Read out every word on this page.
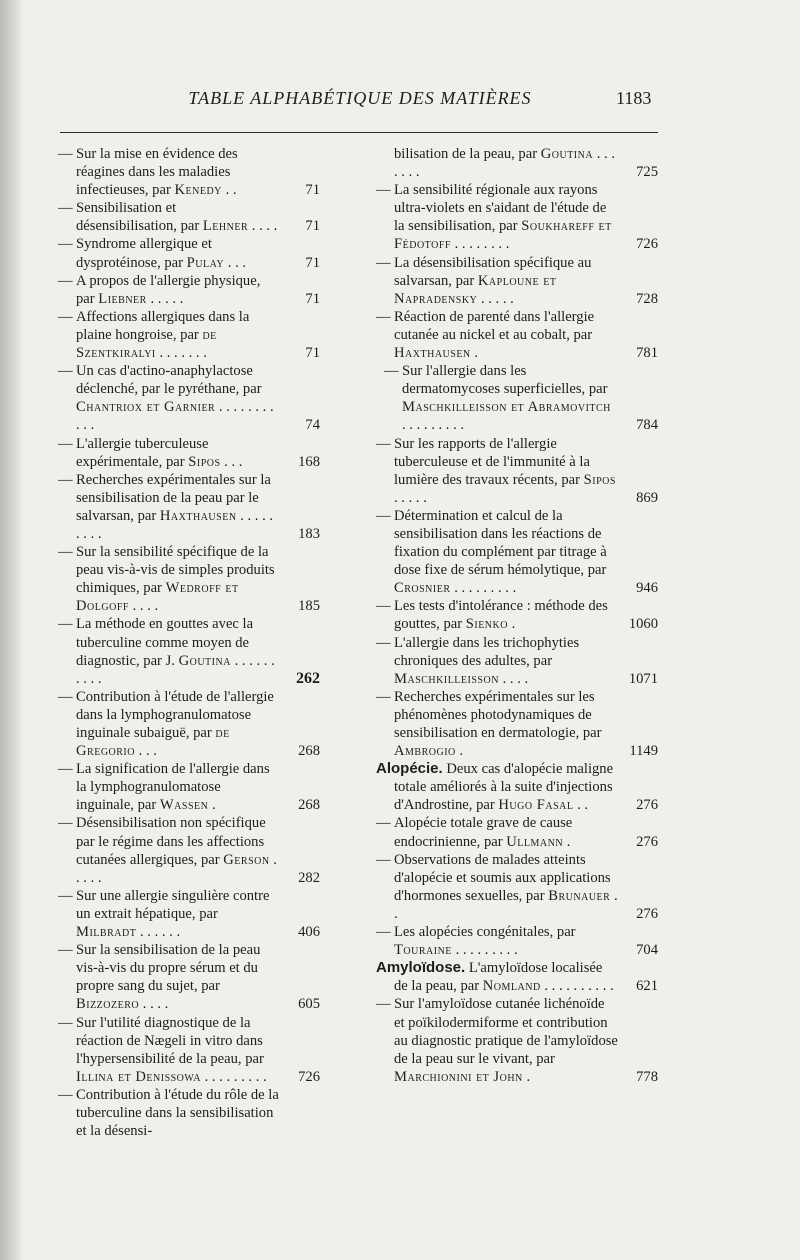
TABLE ALPHABÉTIQUE DES MATIÈRES	1183

— Sur la mise en évidence des réagines dans les maladies infectieuses, par Kenedy . .	71

— Sensibilisation et désensibilisation, par Lehner . . . . 71

— Syndrome allergique et dysprotéinose, par Pulay . . .	71

— A propos de l'allergie physique, par Liebner . . . . .	71

— Affections allergiques dans la plaine hongroise, par de Szentkiralyi . . . . . . .	71

— Un cas d'actino-anaphylactose déclenché, par le pyréthane, par Chantriox et Garnier . . . . . . . . . . .	74

— L'allergie tuberculeuse expérimentale, par Sipos . . .	168

— Recherches expérimentales sur la sensibilisation de la peau par le salvarsan, par Haxthausen . . . . . . . . .	183

— Sur la sensibilité spécifique de la peau vis-à-vis de simples produits chimiques, par Wedroff et Dolgoff . . . .	185

— La méthode en gouttes avec la tuberculine comme moyen de diagnostic, par J. Goutina . . . . . . . . . .	262

— Contribution à l'étude de l'allergie dans la lymphogranulomatose inguinale subaiguë, par de Gregorio . . .	268

— La signification de l'allergie dans la lymphogranulomatose inguinale, par Wassen .	268

— Désensibilisation non spécifique par le régime dans les affections cutanées allergiques, par Gerson . . . . .	282

— Sur une allergie singulière contre un extrait hépatique, par Milbradt . . . . . .	406

— Sur la sensibilisation de la peau vis-à-vis du propre sérum et du propre sang du sujet, par Bizzozero . . . .	605

— Sur l'utilité diagnostique de la réaction de Nægeli in vitro dans l'hypersensibilité de la peau, par Illina et Denissowa . . . . . . . . . 726

— Contribution à l'étude du rôle de la tuberculine dans la sensibilisation et la désensi-

bilisation de la peau, par Goutina . . . . . . .	725

— La sensibilité régionale aux rayons ultra-violets en s'aidant de l'étude de la sensibilisation, par Soukhareff et Fédotoff . . . . . . . .	726

— La désensibilisation spécifique au salvarsan, par Kaploune et Napradensky . . . . .	728

— Réaction de parenté dans l'allergie cutanée au nickel et au cobalt, par Haxthausen .	781

— Sur l'allergie dans les dermatomycoses superficielles, par Maschkilleisson et Abramovitch . . . . . . . . .	784

— Sur les rapports de l'allergie tuberculeuse et de l'immunité à la lumière des travaux récents, par Sipos . . . . .	869

— Détermination et calcul de la sensibilisation dans les réactions de fixation du complément par titrage à dose fixe de sérum hémolytique, par Crosnier . . . . . . . . .	946

— Les tests d'intolérance : méthode des gouttes, par Sienko .	1060

— L'allergie dans les trichophyties chroniques des adultes, par Maschkilleisson . . . .	1071

— Recherches expérimentales sur les phénomènes photodynamiques de sensibilisation en dermatologie, par Ambrogio .	1149

Alopécie. Deux cas d'alopécie maligne totale améliorés à la suite d'injections d'Androstine, par Hugo Fasal . .	276

— Alopécie totale grave de cause endocrinienne, par Ullmann .	276

— Observations de malades atteints d'alopécie et soumis aux applications d'hormones sexuelles, par Brunauer . .	276

— Les alopécies congénitales, par Touraine . . . . . . . . .	704

Amyloïdose. L'amyloïdose localisée de la peau, par Nomland . . . . . . . . . . 621

— Sur l'amyloïdose cutanée lichénoïde et poïkilodermiforme et contribution au diagnostic pratique de l'amyloïdose de la peau sur le vivant, par Marchionini et John .	778
